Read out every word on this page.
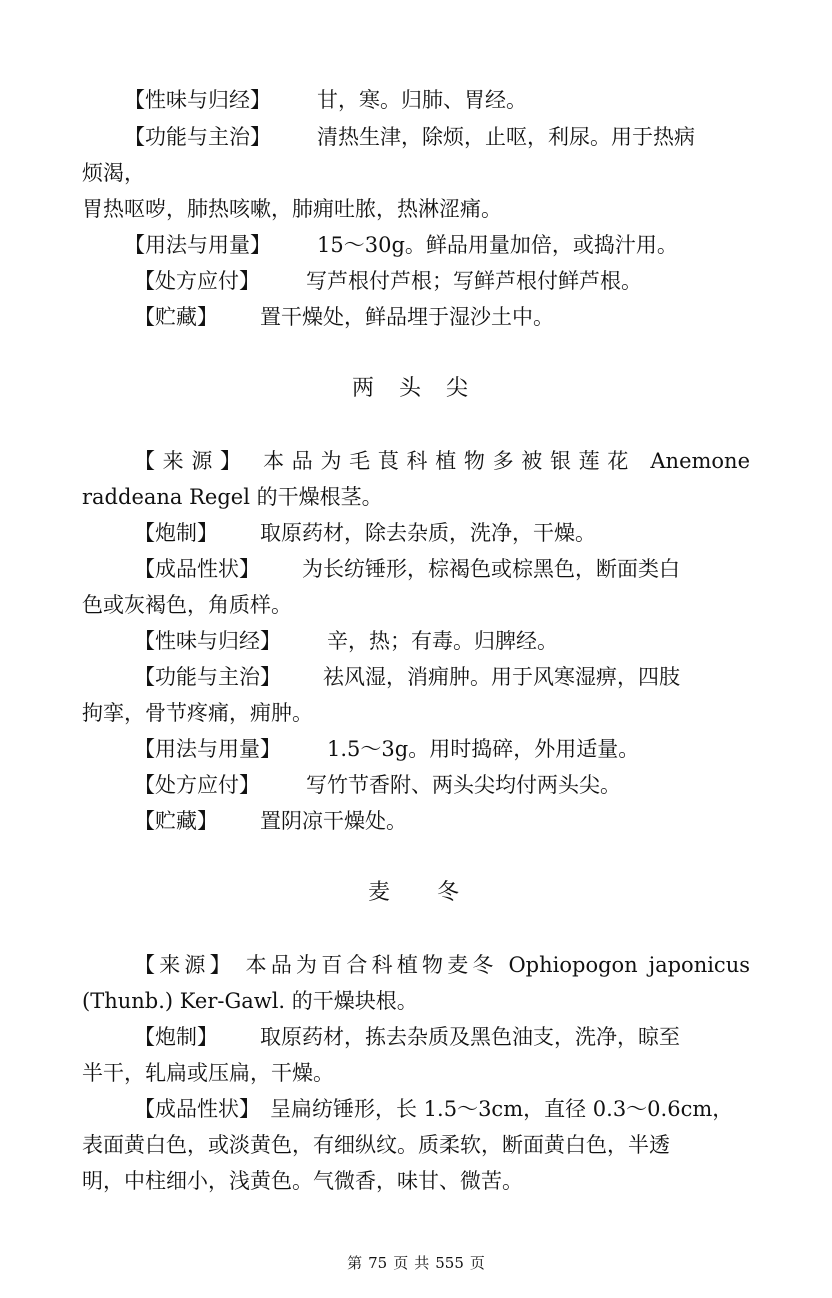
【性味与归经】 甘，寒。归肺、胃经。
【功能与主治】 清热生津，除烦，止呕，利尿。用于热病
烦渴，
胃热呕哕，肺热咳嗽，肺痈吐脓，热淋涩痛。
【用法与用量】 15～30g。鲜品用量加倍，或捣汁用。
【处方应付】 写芦根付芦根；写鲜芦根付鲜芦根。
【贮藏】 置干燥处，鲜品埋于湿沙土中。
两 头 尖
【来源】 本品为毛茛科植物多被银莲花 Anemone
raddeana Regel 的干燥根茎。
【炮制】 取原药材，除去杂质，洗净，干燥。
【成品性状】 为长纺锤形，棕褐色或棕黑色，断面类白
色或灰褐色，角质样。
【性味与归经】 辛，热；有毒。归脾经。
【功能与主治】 祛风湿，消痈肿。用于风寒湿痹，四肢
拘挛，骨节疼痛，痈肿。
【用法与用量】 1.5～3g。用时捣碎，外用适量。
【处方应付】 写竹节香附、两头尖均付两头尖。
【贮藏】 置阴凉干燥处。
麦 冬
【来源】 本品为百合科植物麦冬 Ophiopogon japonicus
(Thunb.) Ker-Gawl. 的干燥块根。
【炮制】 取原药材，拣去杂质及黑色油支，洗净，晾至
半干，轧扁或压扁，干燥。
【成品性状】 呈扁纺锤形，长 1.5～3cm，直径 0.3～0.6cm，
表面黄白色，或淡黄色，有细纵纹。质柔软，断面黄白色，半透
明，中柱细小，浅黄色。气微香，味甘、微苦。
第 75 页 共 555 页
